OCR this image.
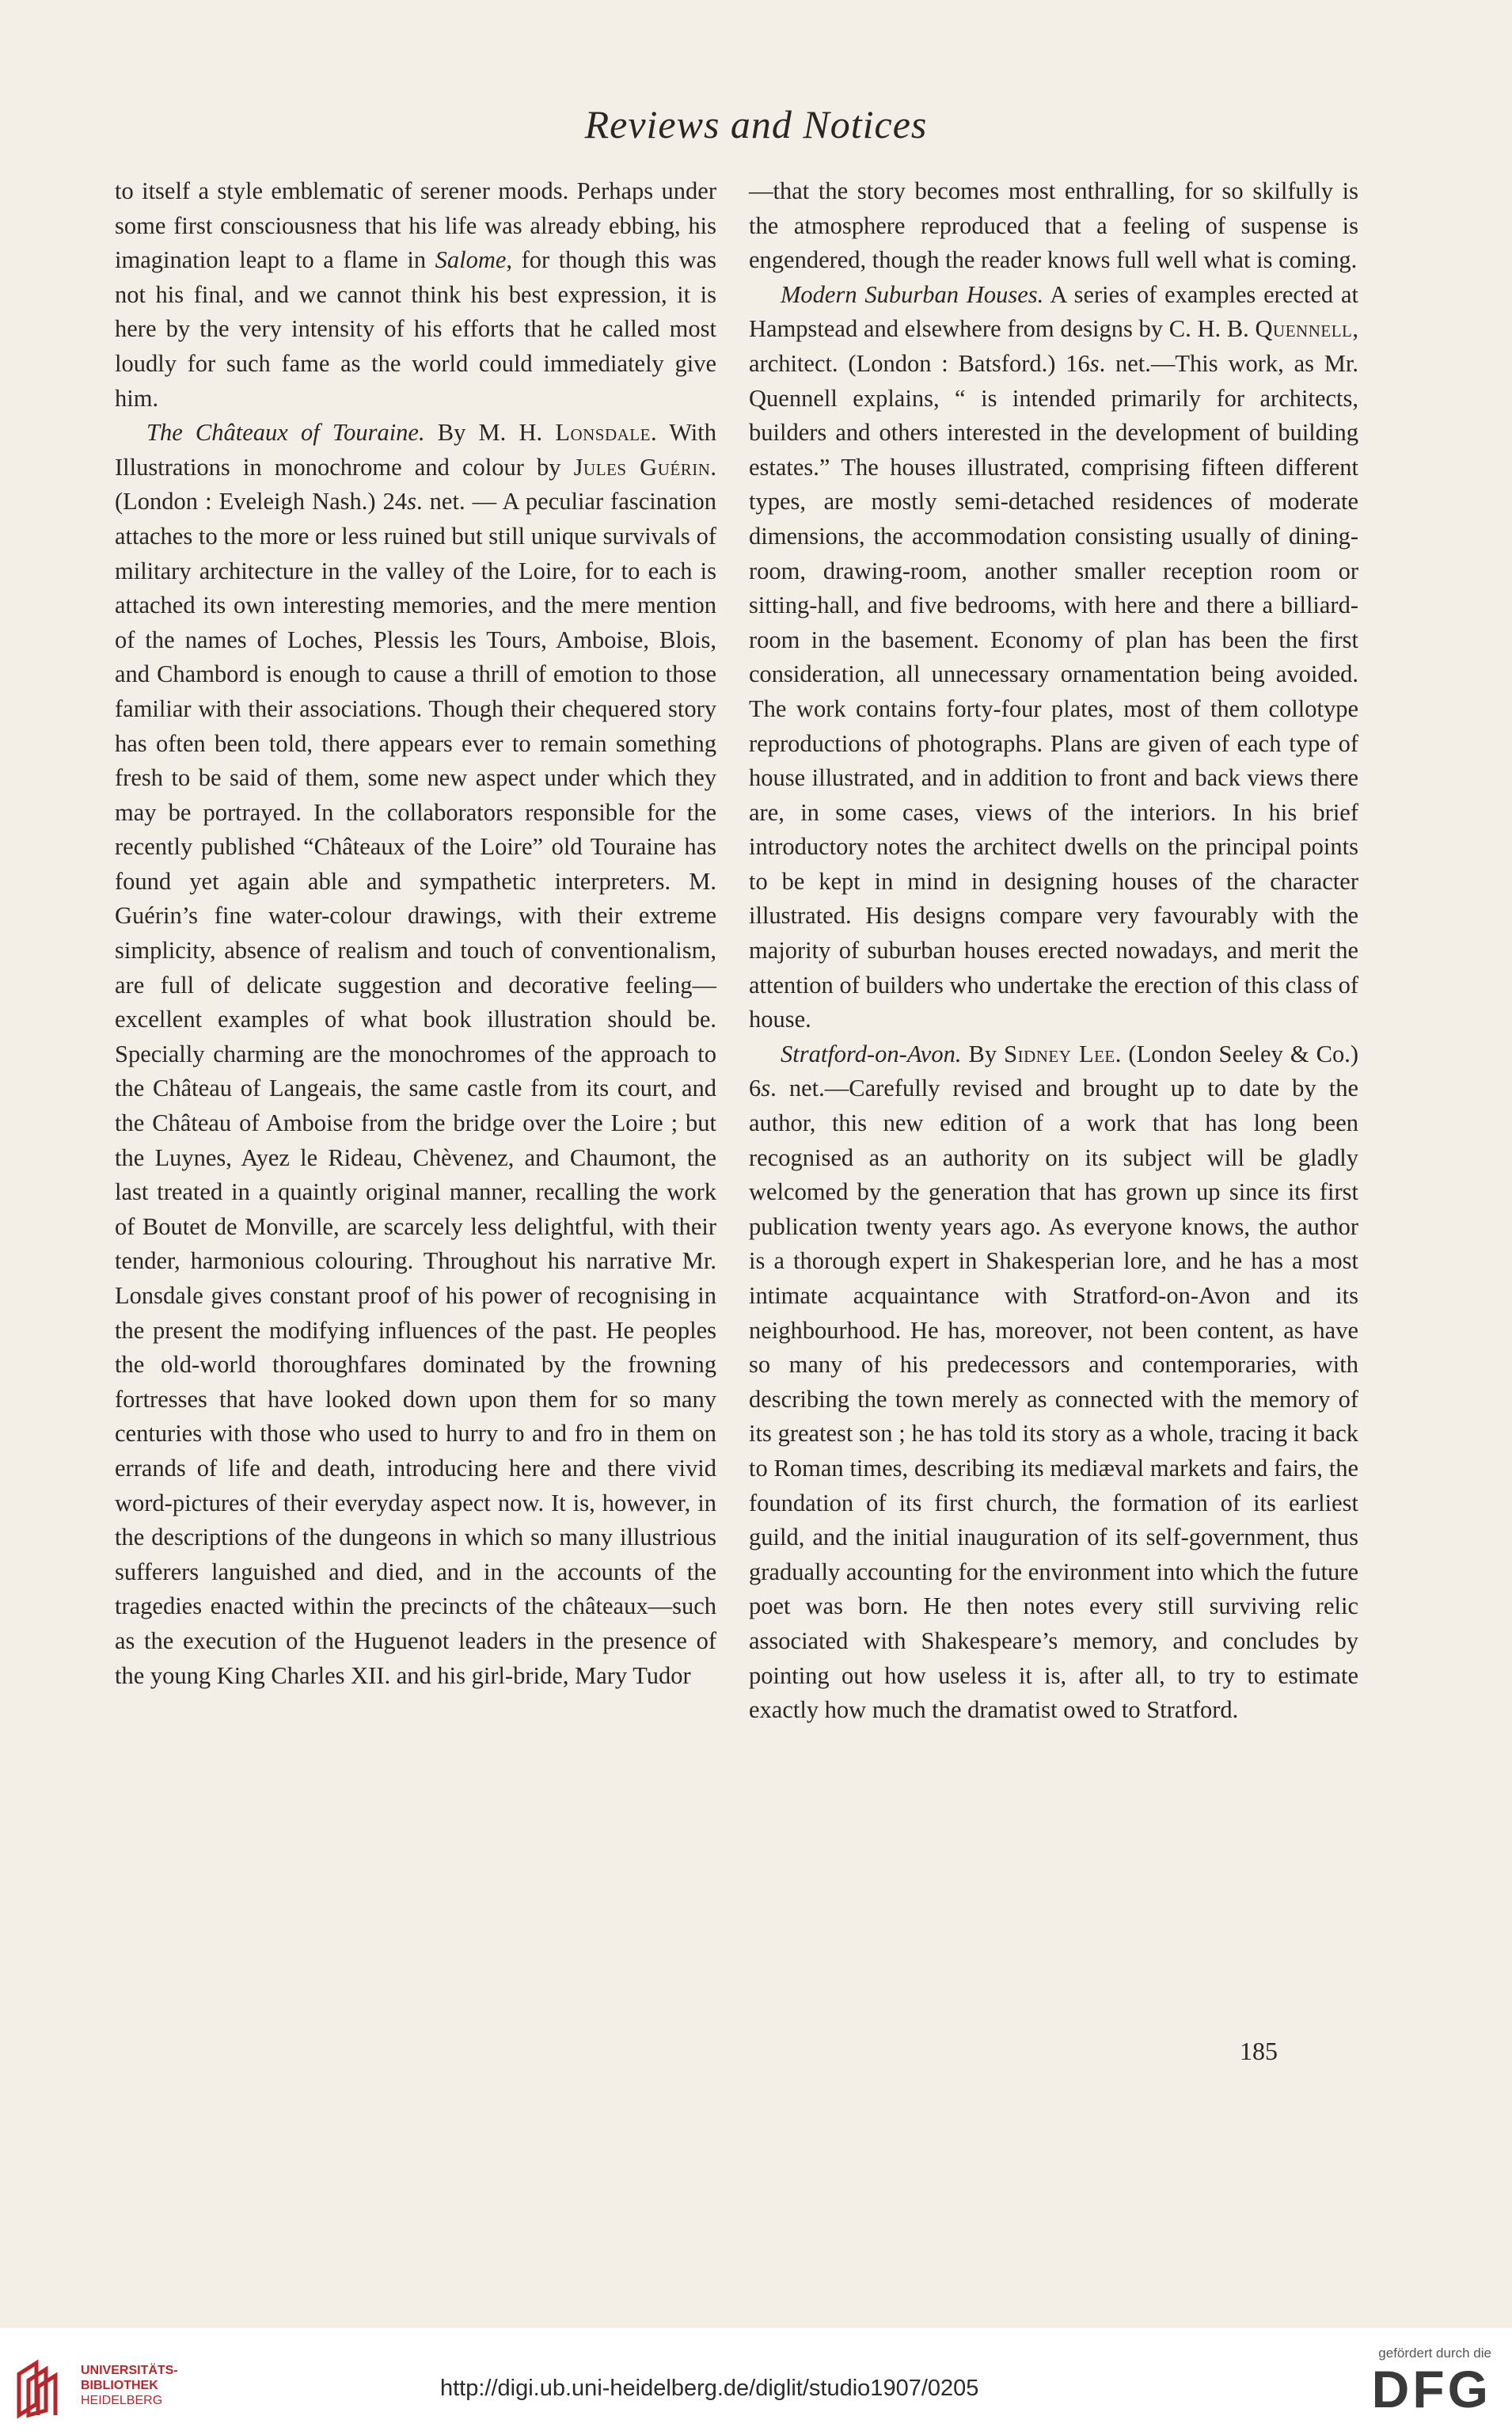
Reviews and Notices

to itself a style emblematic of serener moods. Perhaps under some first consciousness that his life was already ebbing, his imagination leapt to a flame in Salome, for though this was not his final, and we cannot think his best expression, it is here by the very intensity of his efforts that he called most loudly for such fame as the world could immediately give him.

The Châteaux of Touraine. By M. H. Lonsdale. With Illustrations in monochrome and colour by Jules Guérin. (London : Eveleigh Nash.) 24s. net. — A peculiar fascination attaches to the more or less ruined but still unique survivals of military architecture in the valley of the Loire, for to each is attached its own interesting memories, and the mere mention of the names of Loches, Plessis les Tours, Amboise, Blois, and Chambord is enough to cause a thrill of emotion to those familiar with their associations. Though their chequered story has often been told, there appears ever to remain something fresh to be said of them, some new aspect under which they may be portrayed. In the collaborators responsible for the recently published “Châteaux of the Loire” old Touraine has found yet again able and sympathetic interpreters. M. Guérin’s fine water-colour drawings, with their extreme simplicity, absence of realism and touch of conventionalism, are full of delicate suggestion and decorative feeling—excellent examples of what book illustration should be. Specially charming are the monochromes of the approach to the Château of Langeais, the same castle from its court, and the Château of Amboise from the bridge over the Loire ; but the Luynes, Ayez le Rideau, Chèvenez, and Chaumont, the last treated in a quaintly original manner, recalling the work of Boutet de Monville, are scarcely less delightful, with their tender, harmonious colouring. Throughout his narrative Mr. Lonsdale gives constant proof of his power of recognising in the present the modifying influences of the past. He peoples the old-world thoroughfares dominated by the frowning fortresses that have looked down upon them for so many centuries with those who used to hurry to and fro in them on errands of life and death, introducing here and there vivid word-pictures of their everyday aspect now. It is, however, in the descriptions of the dungeons in which so many illustrious sufferers languished and died, and in the accounts of the tragedies enacted within the precincts of the châteaux—such as the execution of the Huguenot leaders in the presence of the young King Charles XII. and his girl-bride, Mary Tudor

—that the story becomes most enthralling, for so skilfully is the atmosphere reproduced that a feeling of suspense is engendered, though the reader knows full well what is coming.

Modern Suburban Houses. A series of examples erected at Hampstead and elsewhere from designs by C. H. B. Quennell, architect. (London : Batsford.) 16s. net.—This work, as Mr. Quennell explains, “ is intended primarily for architects, builders and others interested in the development of building estates.” The houses illustrated, comprising fifteen different types, are mostly semi-detached residences of moderate dimensions, the accommodation consisting usually of dining-room, drawing-room, another smaller reception room or sitting-hall, and five bedrooms, with here and there a billiard-room in the basement. Economy of plan has been the first consideration, all unnecessary ornamentation being avoided. The work contains forty-four plates, most of them collotype reproductions of photographs. Plans are given of each type of house illustrated, and in addition to front and back views there are, in some cases, views of the interiors. In his brief introductory notes the architect dwells on the principal points to be kept in mind in designing houses of the character illustrated. His designs compare very favourably with the majority of suburban houses erected nowadays, and merit the attention of builders who undertake the erection of this class of house.

Stratford-on-Avon. By Sidney Lee. (London Seeley & Co.) 6s. net.—Carefully revised and brought up to date by the author, this new edition of a work that has long been recognised as an authority on its subject will be gladly welcomed by the generation that has grown up since its first publication twenty years ago. As everyone knows, the author is a thorough expert in Shakesperian lore, and he has a most intimate acquaintance with Stratford-on-Avon and its neighbourhood. He has, moreover, not been content, as have so many of his predecessors and contemporaries, with describing the town merely as connected with the memory of its greatest son ; he has told its story as a whole, tracing it back to Roman times, describing its mediæval markets and fairs, the foundation of its first church, the formation of its earliest guild, and the initial inauguration of its self-government, thus gradually accounting for the environment into which the future poet was born. He then notes every still surviving relic associated with Shakespeare’s memory, and concludes by pointing out how useless it is, after all, to try to estimate exactly how much the dramatist owed to Stratford.

185
UNIVERSITÄTS-
BIBLIOTHEK
HEIDELBERG	http://digi.ub.uni-heidelberg.de/diglit/studio1907/0205
gefördert durch die
DFG
